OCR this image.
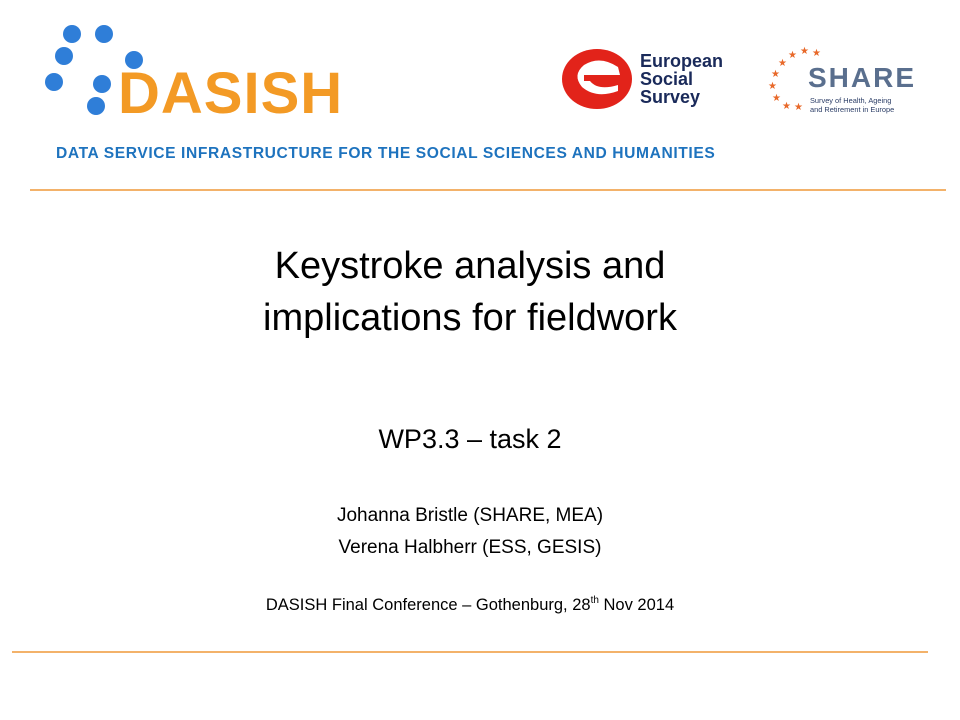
DASISH
DATA SERVICE INFRASTRUCTURE FOR THE SOCIAL SCIENCES AND HUMANITIES
European
Social
Survey
★
★
★
★
★
★
★
★ ★
SHARE
Survey of Health, Ageing
and Retirement in Europe
Keystroke analysis and
implications for fieldwork
WP3.3 – task 2
Johanna Bristle (SHARE, MEA)
Verena Halbherr (ESS, GESIS)
DASISH Final Conference – Gothenburg, 28th Nov 2014
